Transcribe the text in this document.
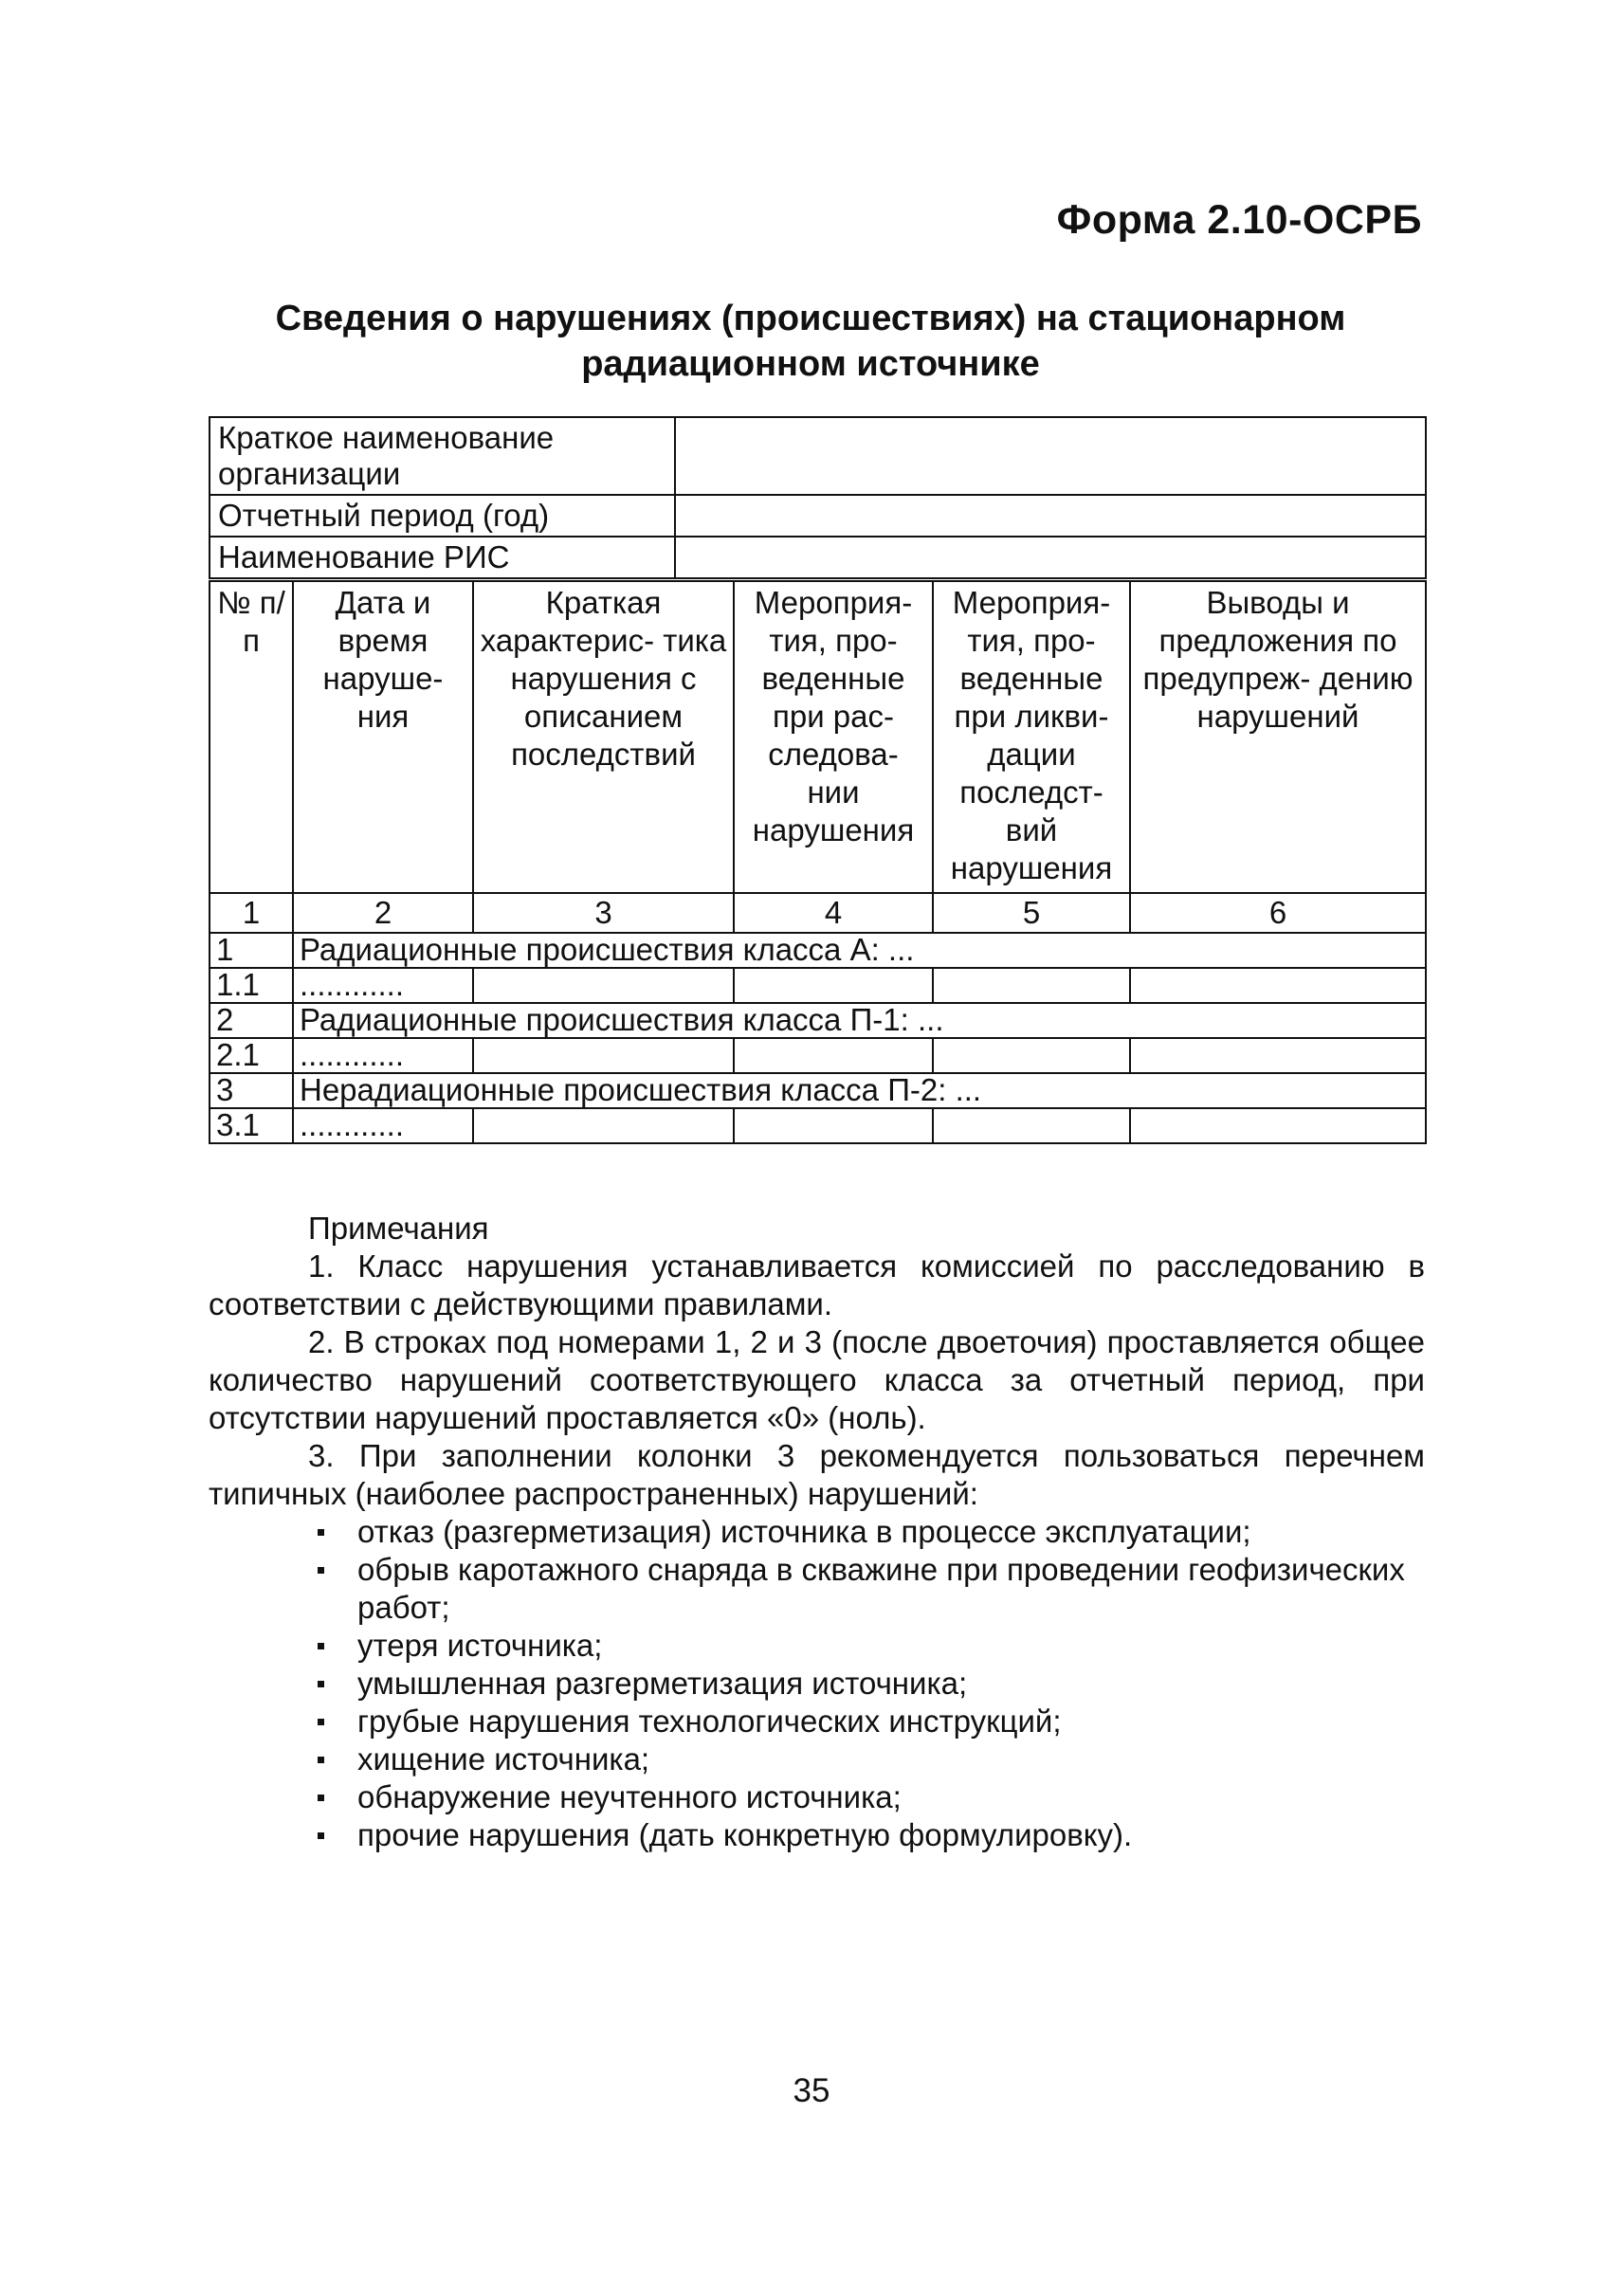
Форма 2.10-ОСРБ
Сведения о нарушениях (происшествиях) на стационарном
радиационном источнике
Краткое наименование организации	
Отчетный период (год)	
Наименование РИС	
№ п/п	Дата и время наруше- ния	Краткая характерис- тика нарушения с описанием последствий	Мероприя- тия, про- веденные при рас- следова- нии нарушения	Мероприя- тия, про- веденные при ликви- дации последст- вий нарушения	Выводы и предложения по предупреж- дению нарушений
1	2	3	4	5	6
1	Радиационные происшествия класса А: ...				
1.1	............				
2	Радиационные происшествия класса П-1: ...				
2.1	............				
3	Нерадиационные происшествия класса П-2: ...				
3.1	............				
Примечания

1. Класс нарушения устанавливается комиссией по расследованию в соответствии с действующими правилами.

2. В строках под номерами 1, 2 и 3 (после двоеточия) проставляется общее количество нарушений соответствующего класса за отчетный период, при отсутствии нарушений проставляется «0» (ноль).

3. При заполнении колонки 3 рекомендуется пользоваться перечнем типичных (наиболее распространенных) нарушений:

отказ (разгерметизация) источника в процессе эксплуатации;
обрыв каротажного снаряда в скважине при проведении геофизических работ;
утеря источника;
умышленная разгерметизация источника;
грубые нарушения технологических инструкций;
хищение источника;
обнаружение неучтенного источника;
прочие нарушения (дать конкретную формулировку).
35
